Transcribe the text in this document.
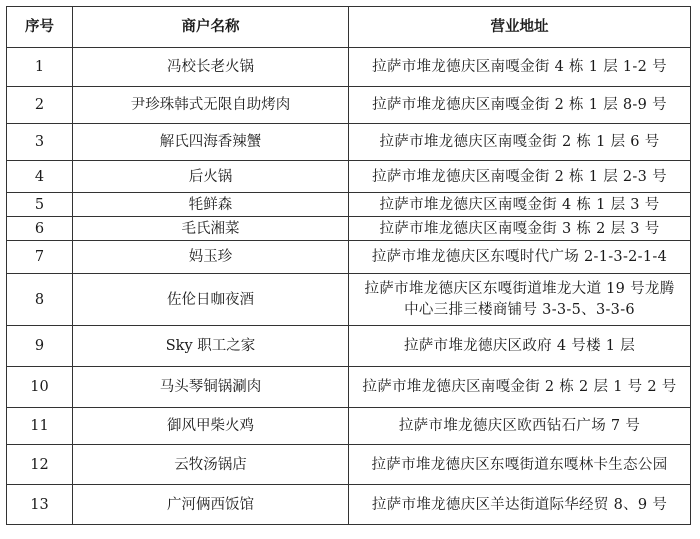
序号	商户名称	营业地址
1	冯校长老火锅	拉萨市堆龙德庆区南嘎金街 4 栋 1 层 1-2 号
2	尹珍珠韩式无限自助烤肉	拉萨市堆龙德庆区南嘎金街 2 栋 1 层 8-9 号
3	解氏四海香辣蟹	拉萨市堆龙德庆区南嘎金街 2 栋 1 层 6 号
4	后火锅	拉萨市堆龙德庆区南嘎金街 2 栋 1 层 2-3 号
5	牦鲜森	拉萨市堆龙德庆区南嘎金街 4 栋 1 层 3 号
6	毛氏湘菜	拉萨市堆龙德庆区南嘎金街 3 栋 2 层 3 号
7	妈玉珍	拉萨市堆龙德庆区东嘎时代广场 2-1-3-2-1-4
8	佐伦日咖夜酒	拉萨市堆龙德庆区东嘎街道堆龙大道 19 号龙腾中心三排三楼商铺号 3-3-5、3-3-6
9	Sky 职工之家	拉萨市堆龙德庆区政府 4 号楼 1 层
10	马头琴铜锅涮肉	拉萨市堆龙德庆区南嘎金街 2 栋 2 层 1 号 2 号
11	御风甲柴火鸡	拉萨市堆龙德庆区欧西钻石广场 7 号
12	云牧汤锅店	拉萨市堆龙德庆区东嘎街道东嘎林卡生态公园
13	广河俩西饭馆	拉萨市堆龙德庆区羊达街道际华经贸 8、9 号
